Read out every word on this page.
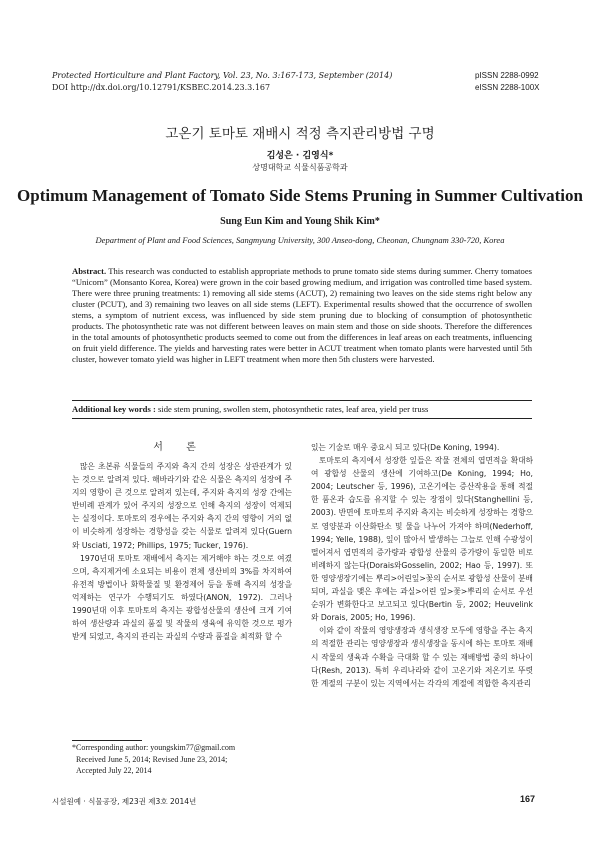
Protected Horticulture and Plant Factory, Vol. 23, No. 3:167-173, September (2014)
DOI http://dx.doi.org/10.12791/KSBEC.2014.23.3.167
pISSN 2288-0992
eISSN 2288-100X
고온기 토마토 재배시 적정 측지관리방법 구명
김성은 · 김영식*
상명대학교 식물식품공학과
Optimum Management of Tomato Side Stems Pruning in Summer Cultivation
Sung Eun Kim and Young Shik Kim*
Department of Plant and Food Sciences, Sangmyung University, 300 Anseo-dong, Cheonan, Chungnam 330-720, Korea
Abstract. This research was conducted to establish appropriate methods to prune tomato side stems during summer. Cherry tomatoes “Unicorn” (Monsanto Korea, Korea) were grown in the coir based growing medium, and irrigation was controlled time based system. There were three pruning treatments: 1) removing all side stems (ACUT), 2) remaining two leaves on the side stems right below any cluster (PCUT), and 3) remaining two leaves on all side stems (LEFT). Experimental results showed that the occurrence of swollen stems, a symptom of nutrient excess, was influenced by side stem pruning due to blocking of consumption of photosynthetic products. The photosynthetic rate was not different between leaves on main stem and those on side shoots. Therefore the differences in the total amounts of photosynthetic products seemed to come out from the differences in leaf areas on each treatments, influencing on fruit yield difference. The yields and harvesting rates were better in ACUT treatment when tomato plants were harvested until 5th cluster, however tomato yield was higher in LEFT treatment when more then 5th clusters were harvested.
Additional key words : side stem pruning, swollen stem, photosynthetic rates, leaf area, yield per truss
서 론

많은 초본류 식물들의 주지와 측지 간의 성장은 상관관계가 있는 것으로 알려져 있다. 해바라기와 같은 식물은 측지의 성장에 주지의 영향이 큰 것으로 알려져 있는데, 주지와 측지의 성장 간에는 반비례 관계가 있어 주지의 성장으로 인해 측지의 성장이 억제되는 실정이다. 토마토의 경우에는 주지와 측지 간의 영향이 거의 없이 비슷하게 성장하는 경향성을 갖는 식물로 알려져 있다(Guern와 Usciati, 1972; Phillips, 1975; Tucker, 1976).

1970년대 토마토 재배에서 측지는 제거해야 하는 것으로 여겼으며, 측지제거에 소요되는 비용이 전체 생산비의 3%를 차지하여 유전적 방법이나 화학물질 및 환경제어 등을 통해 측지의 성장을 억제하는 연구가 수행되기도 하였다(ANON, 1972). 그러나 1990년대 이후 토마토의 측지는 광합성산물의 생산에 크게 기여하여 생산량과 과실의 품질 및 작물의 생육에 유익한 것으로 평가받게 되었고, 측지의 관리는 과실의 수량과 품질을 최적화 할 수

있는 기술로 매우 중요시 되고 있다(De Koning, 1994).

토마토의 측지에서 성장한 잎들은 작물 전체의 엽면적을 확대하여 광합성 산물의 생산에 기여하고(De Koning, 1994; Ho, 2004; Leutscher 등, 1996), 고온기에는 증산작용을 통해 적절한 품온과 습도를 유지할 수 있는 장점이 있다(Stanghellini 등, 2003). 반면에 토마토의 주지와 측지는 비슷하게 성장하는 경향으로 영양분과 이산화탄소 및 물을 나누어 가져야 하며(Nederhoff, 1994; Yelle, 1988), 잎이 많아서 발생하는 그늘로 인해 수광성이 떨어져서 엽면적의 증가량과 광합성 산물의 증가량이 동일한 비로 비례하지 않는다(Dorais와Gosselin, 2002; Hao 등, 1997). 또한 영양생장기에는 뿌리>어린잎>꽃의 순서로 광합성 산물이 분배되며, 과실을 맺은 후에는 과실>어린 잎>꽃>뿌리의 순서로 우선순위가 변화한다고 보고되고 있다(Bertin 등, 2002; Heuvelink와 Dorais, 2005; Ho, 1996).

이와 같이 작물의 영양생장과 생식생장 모두에 영향을 주는 측지의 적절한 관리는 영양생장과 생식생장을 동시에 하는 토마토 재배 시 작물의 생육과 수확을 극대화 할 수 있는 재배방법 중의 하나이다(Resh, 2013). 특히 우리나라와 같이 고온기와 저온기로 뚜렷한 계절의 구분이 있는 지역에서는 각각의 계절에 적합한 측지관리

*Corresponding author: youngskim77@gmail.com
Received June 5, 2014; Revised June 23, 2014;
Accepted July 22, 2014
시설원예 · 식물공장, 제23권 제3호 2014년	167
